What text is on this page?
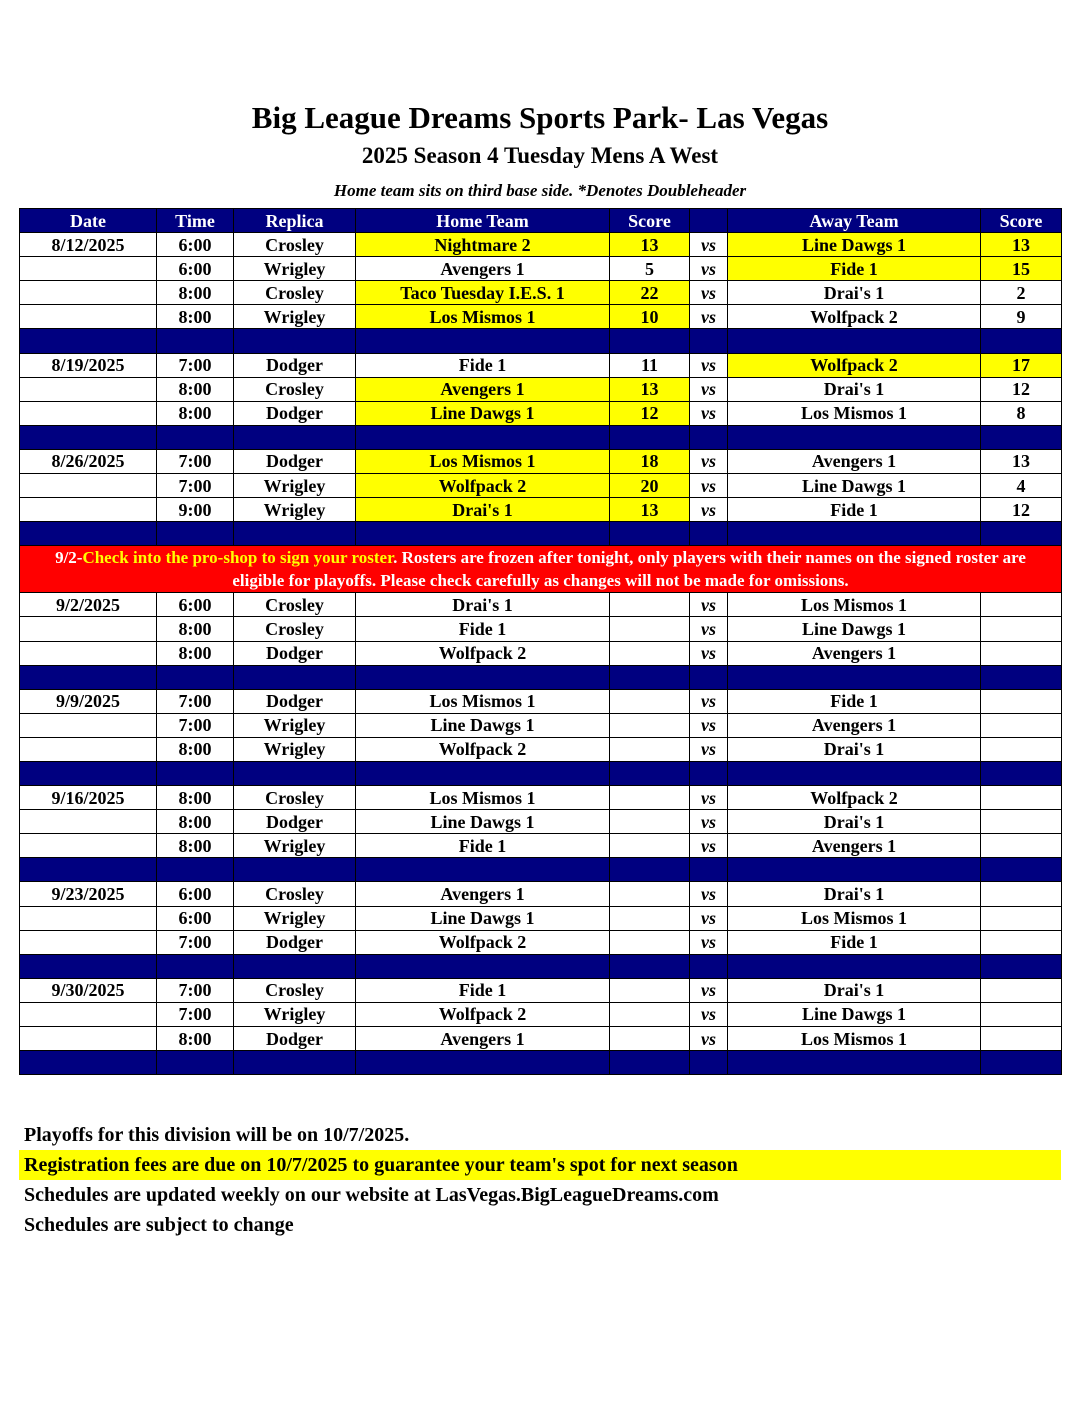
Big League Dreams Sports Park- Las Vegas
2025 Season 4 Tuesday Mens A West
Home team sits on third base side. *Denotes Doubleheader
Date	Time	Replica	Home Team	Score		Away Team	Score
8/12/2025	6:00	Crosley	Nightmare 2	13	vs	Line Dawgs 1	13
	6:00	Wrigley	Avengers 1	5	vs	Fide 1	15
	8:00	Crosley	Taco Tuesday I.E.S. 1	22	vs	Drai's 1	2
	8:00	Wrigley	Los Mismos 1	10	vs	Wolfpack 2	9

8/19/2025	7:00	Dodger	Fide 1	11	vs	Wolfpack 2	17
	8:00	Crosley	Avengers 1	13	vs	Drai's 1	12
	8:00	Dodger	Line Dawgs 1	12	vs	Los Mismos 1	8

8/26/2025	7:00	Dodger	Los Mismos 1	18	vs	Avengers 1	13
	7:00	Wrigley	Wolfpack 2	20	vs	Line Dawgs 1	4
	9:00	Wrigley	Drai's 1	13	vs	Fide 1	12

9/2-Check into the pro-shop to sign your roster. Rosters are frozen after tonight, only players with their names on the signed roster are eligible for playoffs. Please check carefully as changes will not be made for omissions.							
9/2/2025	6:00	Crosley	Drai's 1		vs	Los Mismos 1	
	8:00	Crosley	Fide 1		vs	Line Dawgs 1	
	8:00	Dodger	Wolfpack 2		vs	Avengers 1	

9/9/2025	7:00	Dodger	Los Mismos 1		vs	Fide 1	
	7:00	Wrigley	Line Dawgs 1		vs	Avengers 1	
	8:00	Wrigley	Wolfpack 2		vs	Drai's 1	

9/16/2025	8:00	Crosley	Los Mismos 1		vs	Wolfpack 2	
	8:00	Dodger	Line Dawgs 1		vs	Drai's 1	
	8:00	Wrigley	Fide 1		vs	Avengers 1	

9/23/2025	6:00	Crosley	Avengers 1		vs	Drai's 1	
	6:00	Wrigley	Line Dawgs 1		vs	Los Mismos 1	
	7:00	Dodger	Wolfpack 2		vs	Fide 1	

9/30/2025	7:00	Crosley	Fide 1		vs	Drai's 1	
	7:00	Wrigley	Wolfpack 2		vs	Line Dawgs 1	
	8:00	Dodger	Avengers 1		vs	Los Mismos 1	

Playoffs for this division will be on 10/7/2025.
Registration fees are due on 10/7/2025 to guarantee your team's spot for next season
Schedules are updated weekly on our website at LasVegas.BigLeagueDreams.com
Schedules are subject to change
